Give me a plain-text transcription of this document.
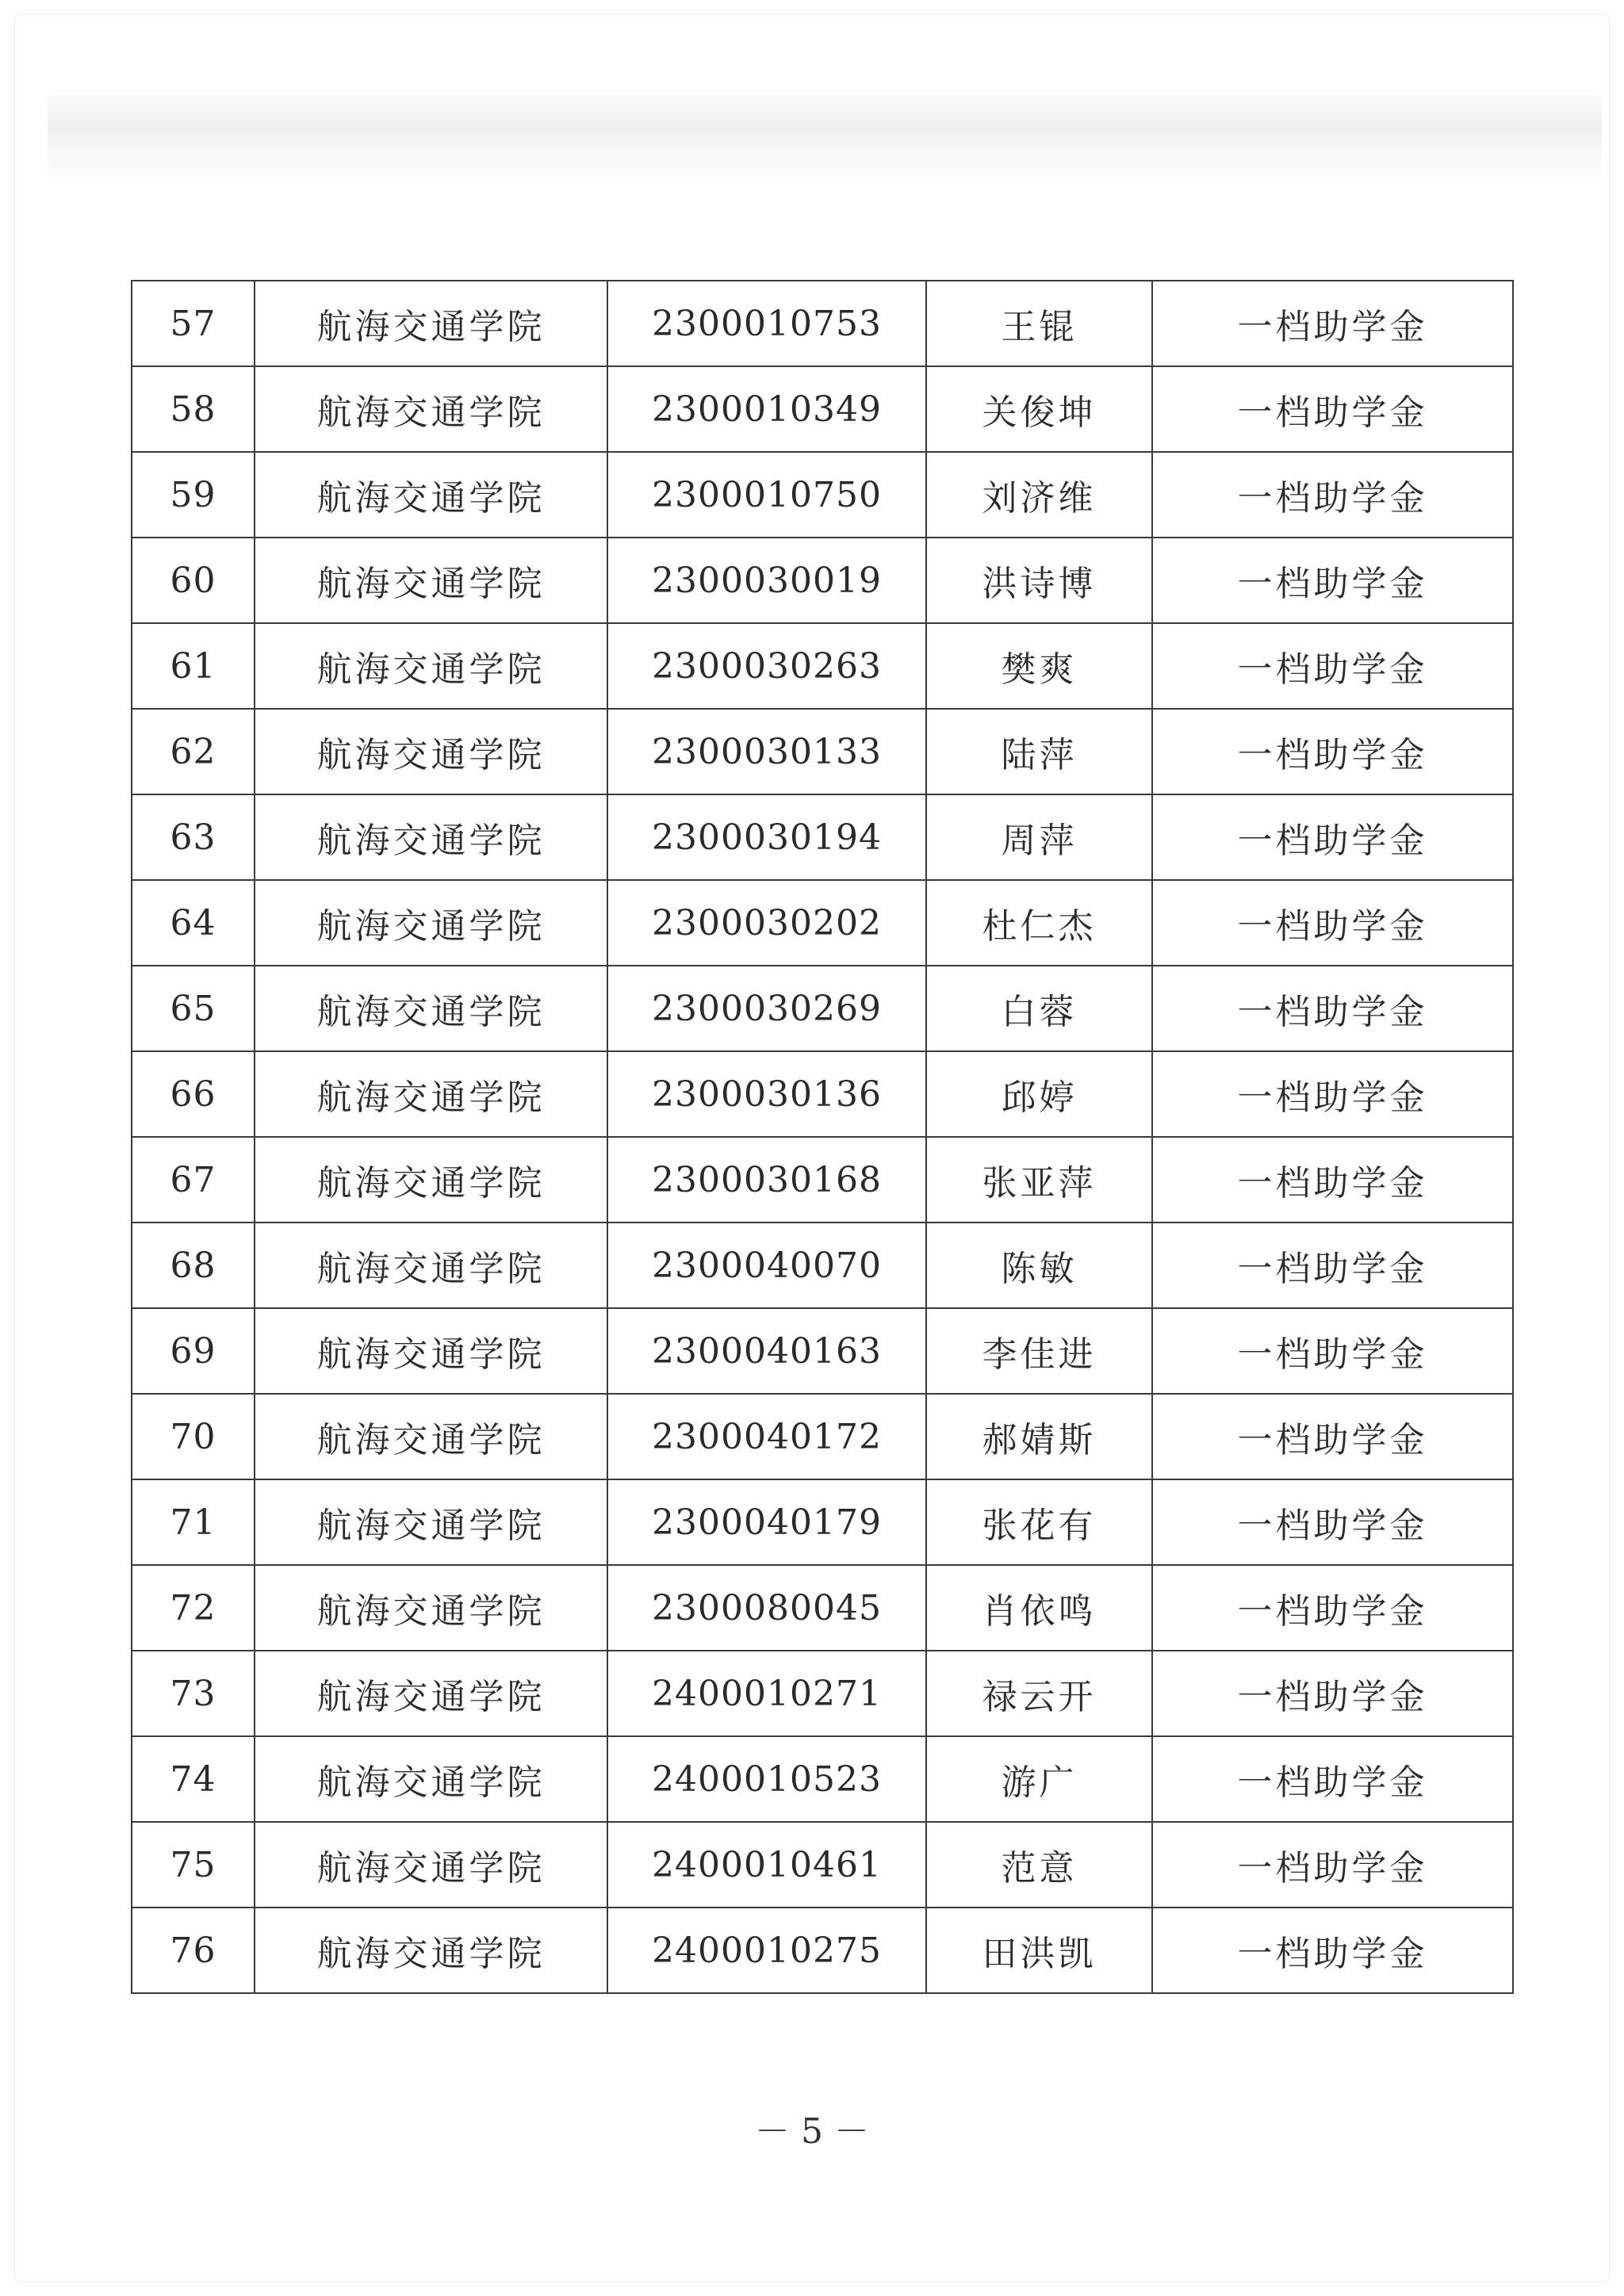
57	航海交通学院	2300010753	王锟	一档助学金
58	航海交通学院	2300010349	关俊坤	一档助学金
59	航海交通学院	2300010750	刘济维	一档助学金
60	航海交通学院	2300030019	洪诗博	一档助学金
61	航海交通学院	2300030263	樊爽	一档助学金
62	航海交通学院	2300030133	陆萍	一档助学金
63	航海交通学院	2300030194	周萍	一档助学金
64	航海交通学院	2300030202	杜仁杰	一档助学金
65	航海交通学院	2300030269	白蓉	一档助学金
66	航海交通学院	2300030136	邱婷	一档助学金
67	航海交通学院	2300030168	张亚萍	一档助学金
68	航海交通学院	2300040070	陈敏	一档助学金
69	航海交通学院	2300040163	李佳进	一档助学金
70	航海交通学院	2300040172	郝婧斯	一档助学金
71	航海交通学院	2300040179	张花有	一档助学金
72	航海交通学院	2300080045	肖依鸣	一档助学金
73	航海交通学院	2400010271	禄云开	一档助学金
74	航海交通学院	2400010523	游广	一档助学金
75	航海交通学院	2400010461	范意	一档助学金
76	航海交通学院	2400010275	田洪凯	一档助学金
－ 5 －
